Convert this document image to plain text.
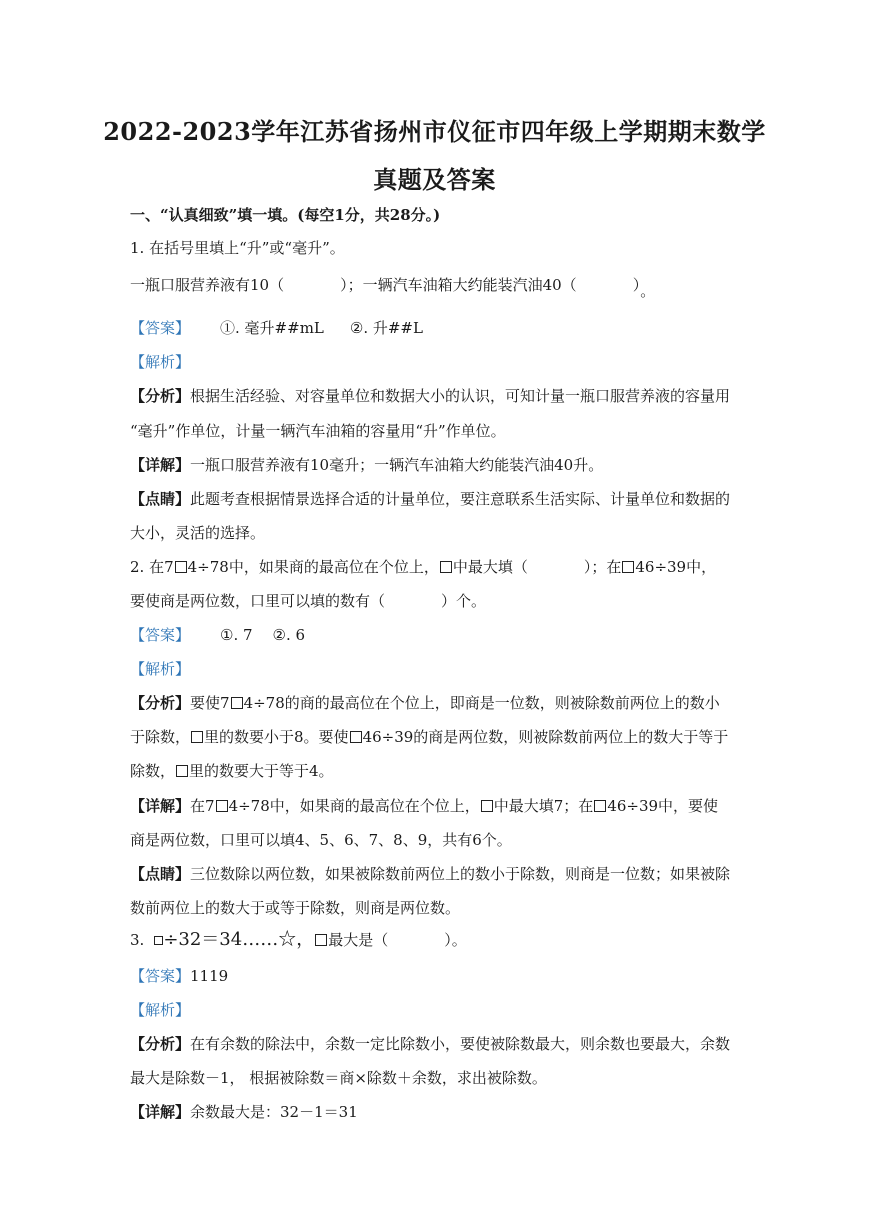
2022-2023学年江苏省扬州市仪征市四年级上学期期末数学
真题及答案
一、“认真细致”填一填。(每空1分，共28分。)
1. 在括号里填上“升”或“毫升”。
一瓶口服营养液有10（	）；一辆汽车油箱大约能装汽油40（	）。
【答案】 ①. 毫升##mL ②. 升##L
【解析】
【分析】根据生活经验、对容量单位和数据大小的认识，可知计量一瓶口服营养液的容量用
“毫升”作单位，计量一辆汽车油箱的容量用“升”作单位。
【详解】一瓶口服营养液有10毫升；一辆汽车油箱大约能装汽油40升。
【点睛】此题考查根据情景选择合适的计量单位，要注意联系生活实际、计量单位和数据的
大小，灵活的选择。
2. 在7 4÷78中，如果商的最高位在个位上， 中最大填（	）；在 46÷39中，
要使商是两位数，口里可以填的数有（	）个。
【答案】 ①. 7 ②. 6
【解析】
【分析】要使7 4÷78的商的最高位在个位上，即商是一位数，则被除数前两位上的数小
于除数， 里的数要小于8。要使 46÷39的商是两位数，则被除数前两位上的数大于等于
除数， 里的数要大于等于4。
【详解】在7 4÷78中，如果商的最高位在个位上， 中最大填7；在 46÷39中，要使
商是两位数，口里可以填4、5、6、7、8、9，共有6个。
【点睛】三位数除以两位数，如果被除数前两位上的数小于除数，则商是一位数；如果被除
数前两位上的数大于或等于除数，则商是两位数。
3. ÷32＝34……☆， 最大是（	）。
【答案】1119
【解析】
【分析】在有余数的除法中，余数一定比除数小，要使被除数最大，则余数也要最大，余数
最大是除数－1， 根据被除数＝商×除数＋余数，求出被除数。
【详解】余数最大是：32－1＝31
